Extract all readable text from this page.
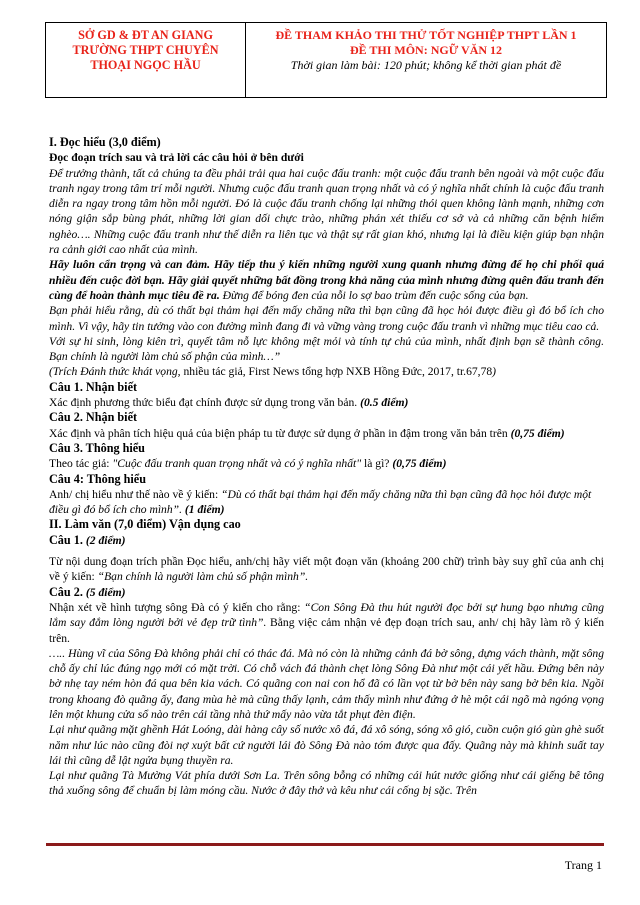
SỞ GD & ĐT AN GIANG
TRƯỜNG THPT CHUYÊN
THOẠI NGỌC HẦU
ĐỀ THAM KHẢO THI THỬ TỐT NGHIỆP THPT LẦN 1
ĐỀ THI MÔN: NGỮ VĂN 12
Thời gian làm bài: 120 phút; không kể thời gian phát đề

I. Đọc hiểu (3,0 điểm)

Đọc đoạn trích sau và trả lời các câu hỏi ở bên dưới

Để trưởng thành, tất cả chúng ta đều phải trải qua hai cuộc đấu tranh: một cuộc đấu tranh bên ngoài và một cuộc đấu tranh ngay trong tâm trí mỗi người. Nhưng cuộc đấu tranh quan trọng nhất và có ý nghĩa nhất chính là cuộc đấu tranh diễn ra ngay trong tâm hồn mỗi người. Đó là cuộc đấu tranh chống lại những thói quen không lành mạnh, những cơn nóng giận sắp bùng phát, những lời gian dối chực trào, những phán xét thiếu cơ sở và cả những căn bệnh hiểm nghèo…. Những cuộc đấu tranh như thế diễn ra liên tục và thật sự rất gian khó, nhưng lại là điều kiện giúp bạn nhận ra cảnh giới cao nhất của mình.

Hãy luôn cẩn trọng và can đảm. Hãy tiếp thu ý kiến những người xung quanh nhưng đừng để họ chi phối quá nhiều đến cuộc đời bạn. Hãy giải quyết những bất đồng trong khả năng của mình nhưng đừng quên đấu tranh đến cùng để hoàn thành mục tiêu đề ra. Đừng để bóng đen của nỗi lo sợ bao trùm đến cuộc sống của bạn.

Bạn phải hiểu rằng, dù có thất bại thảm hại đến mấy chăng nữa thì bạn cũng đã học hỏi được điều gì đó bổ ích cho mình. Vì vậy, hãy tin tưởng vào con đường mình đang đi và vững vàng trong cuộc đấu tranh vì những mục tiêu cao cả.

Với sự hi sinh, lòng kiên trì, quyết tâm nỗ lực không mệt mỏi và tính tự chủ của mình, nhất định bạn sẽ thành công. Bạn chính là người làm chủ số phận của mình…”

(Trích Đánh thức khát vọng, nhiều tác giả, First News tổng hợp NXB Hồng Đức, 2017, tr.67,78)

Câu 1. Nhận biết

Xác định phương thức biểu đạt chính được sử dụng trong văn bản. (0.5 điểm)

Câu 2. Nhận biết

Xác định và phân tích hiệu quả của biện pháp tu từ được sử dụng ở phần in đậm trong văn bản trên (0,75 điểm)

Câu 3. Thông hiểu

Theo tác giả: "Cuộc đấu tranh quan trọng nhất và có ý nghĩa nhất" là gì? (0,75 điểm)

Câu 4: Thông hiểu

Anh/ chị hiểu như thế nào về ý kiến: “Dù có thất bại thảm hại đến mấy chăng nữa thì bạn cũng đã học hỏi được một điều gì đó bổ ích cho mình”. (1 điểm)

II. Làm văn (7,0 điểm) Vận dụng cao

Câu 1. (2 điểm)

Từ nội dung đoạn trích phần Đọc hiểu, anh/chị hãy viết một đoạn văn (khoảng 200 chữ) trình bày suy ghĩ của anh chị về ý kiến: “Bạn chính là người làm chủ số phận mình”.

Câu 2. (5 điểm)

Nhận xét về hình tượng sông Đà có ý kiến cho rằng: “Con Sông Đà thu hút người đọc bởi sự hung bạo nhưng cũng lắm say đắm lòng người bởi vẻ đẹp trữ tình”. Bằng việc cảm nhận vẻ đẹp đoạn trích sau, anh/ chị hãy làm rõ ý kiến trên.

….. Hùng vĩ của Sông Đà không phải chỉ có thác đá. Mà nó còn là những cảnh đá bờ sông, dựng vách thành, mặt sông chỗ ấy chỉ lúc đúng ngọ mới có mặt trời. Có chỗ vách đá thành chẹt lòng Sông Đà như một cái yết hầu. Đứng bên này bờ nhẹ tay ném hòn đá qua bên kia vách. Có quãng con nai con hổ đã có lần vọt từ bờ bên này sang bờ bên kia. Ngồi trong khoang đò quãng ấy, đang mùa hè mà cũng thấy lạnh, cảm thấy mình như đứng ở hè một cái ngõ mà ngóng vọng lên một khung cửa sổ nào trên cái tầng nhà thứ mấy nào vừa tắt phụt đèn điện.

Lại như quãng mặt ghềnh Hát Loóng, dài hàng cây số nước xô đá, đá xô sóng, sóng xô gió, cuồn cuộn gió gùn ghè suốt năm như lúc nào cũng đòi nợ xuýt bất cứ người lái đò Sông Đà nào tóm được qua đấy. Quãng này mà khinh suất tay lái thì cũng dễ lật ngửa bụng thuyền ra.

Lại như quãng Tà Mường Vát phía dưới Sơn La. Trên sông bỗng có những cái hút nước giống như cái giếng bê tông thả xuống sông để chuẩn bị làm móng cầu. Nước ở đây thở và kêu như cái cống bị sặc. Trên

Trang 1
